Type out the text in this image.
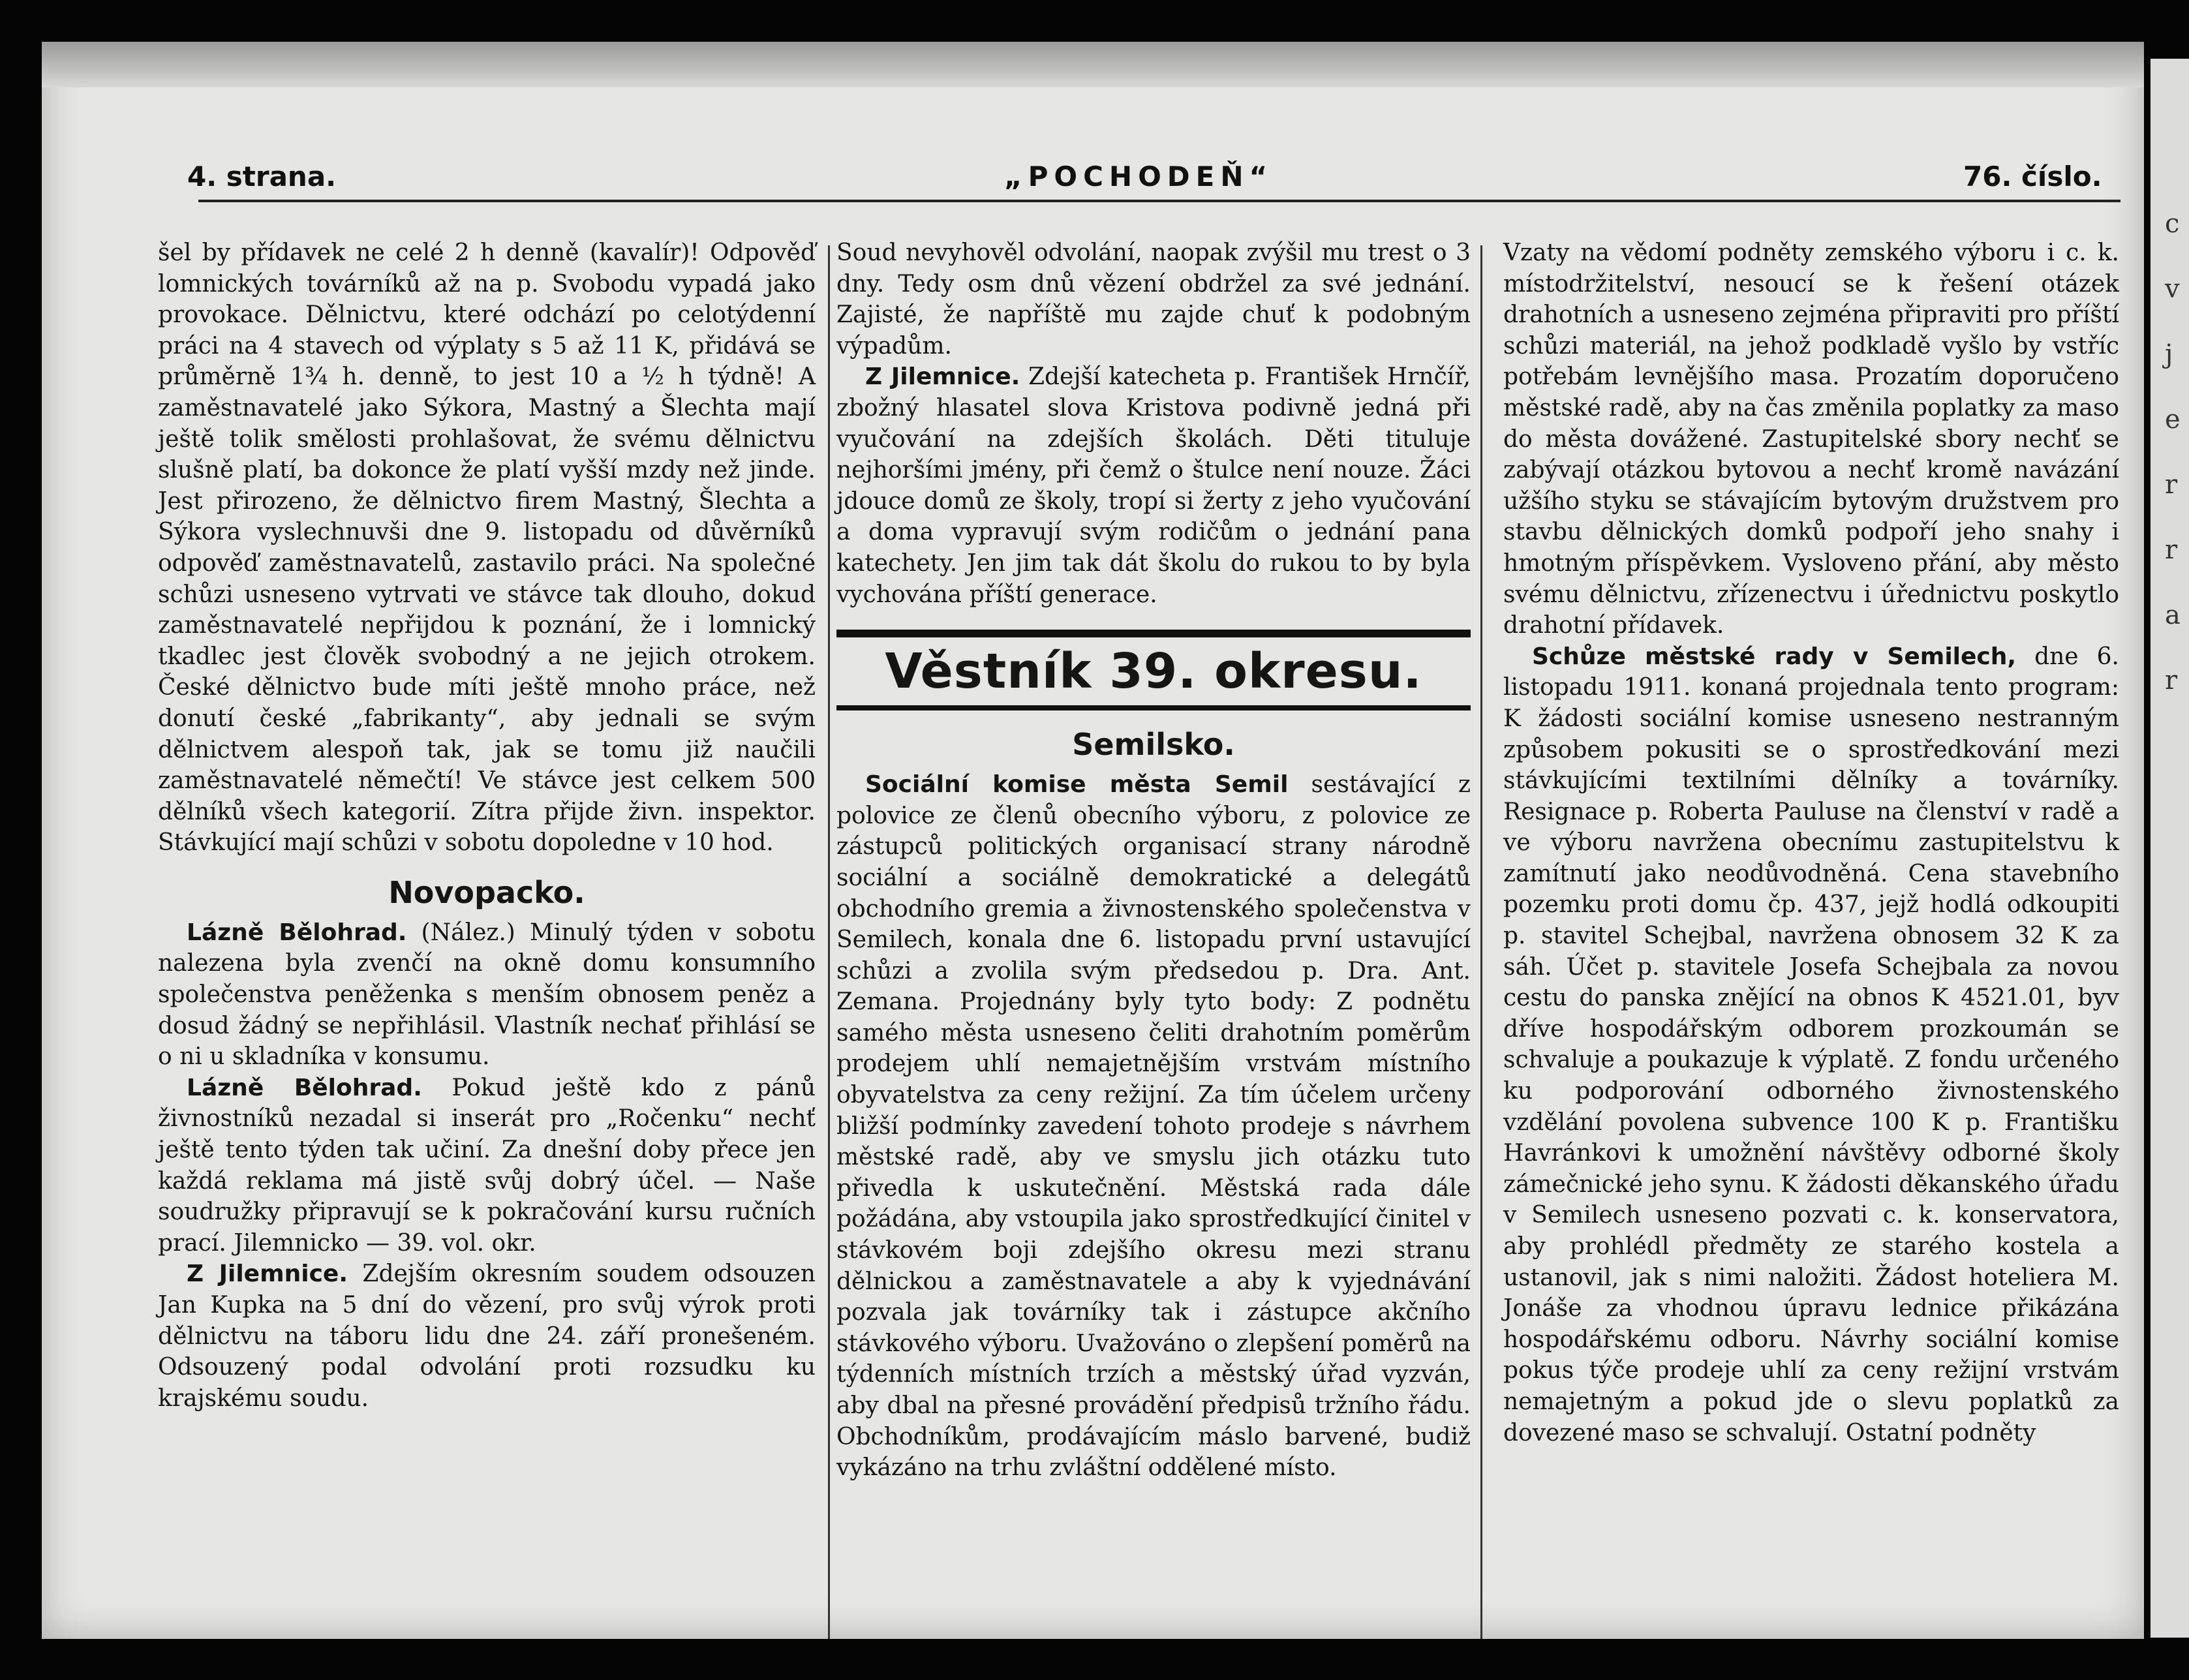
4. strana.	„POCHODEŇ“	76. číslo.

šel by přídavek ne celé 2 h denně (kavalír)! Odpověď lomnických továrníků až na p. Svobodu vypadá jako provokace. Dělnictvu, které odchází po celotýdenní práci na 4 stavech od výplaty s 5 až 11 K, přidává se průměrně 1¾ h. denně, to jest 10 a ½ h týdně! A zaměstnavatelé jako Sýkora, Mastný a Šlechta mají ještě tolik smělosti prohlašovat, že svému dělnictvu slušně platí, ba dokonce že platí vyšší mzdy než jinde. Jest přirozeno, že dělnictvo firem Mastný, Šlechta a Sýkora vyslechnuvši dne 9. listopadu od důvěrníků odpověď zaměstnavatelů, zastavilo práci. Na společné schůzi usneseno vytrvati ve stávce tak dlouho, dokud zaměstnavatelé nepřijdou k poznání, že i lomnický tkadlec jest člověk svobodný a ne jejich otrokem. České dělnictvo bude míti ještě mnoho práce, než donutí české „fabrikanty“, aby jednali se svým dělnictvem alespoň tak, jak se tomu již naučili zaměstnavatelé němečtí! Ve stávce jest celkem 500 dělníků všech kategorií. Zítra přijde živn. inspektor. Stávkující mají schůzi v sobotu dopoledne v 10 hod.

Novopacko.

Lázně Bělohrad. (Nález.) Minulý týden v sobotu nalezena byla zvenčí na okně domu konsumního společenstva peněženka s menším obnosem peněz a dosud žádný se nepřihlásil. Vlastník nechať přihlásí se o ni u skladníka v konsumu.

Lázně Bělohrad. Pokud ještě kdo z pánů živnostníků nezadal si inserát pro „Ročenku“ nechť ještě tento týden tak učiní. Za dnešní doby přece jen každá reklama má jistě svůj dobrý účel. — Naše soudružky připravují se k pokračování kursu ručních prací. Jilemnicko — 39. vol. okr.

Z Jilemnice. Zdejším okresním soudem odsouzen Jan Kupka na 5 dní do vězení, pro svůj výrok proti dělnictvu na táboru lidu dne 24. září pronešeném. Odsouzený podal odvolání proti rozsudku ku krajskému soudu.

Soud nevyhověl odvolání, naopak zvýšil mu trest o 3 dny. Tedy osm dnů vězení obdržel za své jednání. Zajisté, že napříště mu zajde chuť k podobným výpadům.

Z Jilemnice. Zdejší katecheta p. František Hrnčíř, zbožný hlasatel slova Kristova podivně jedná při vyučování na zdejších školách. Děti tituluje nejhoršími jmény, při čemž o štulce není nouze. Žáci jdouce domů ze školy, tropí si žerty z jeho vyučování a doma vypravují svým rodičům o jednání pana katechety. Jen jim tak dát školu do rukou to by byla vychována příští generace.

Věstník 39. okresu.
Semilsko.

Sociální komise města Semil sestávající z polovice ze členů obecního výboru, z polovice ze zástupců politických organisací strany národně sociální a sociálně demokratické a delegátů obchodního gremia a živnostenského společenstva v Semilech, konala dne 6. listopadu první ustavující schůzi a zvolila svým předsedou p. Dra. Ant. Zemana. Projednány byly tyto body: Z podnětu samého města usneseno čeliti drahotním poměrům prodejem uhlí nemajetnějším vrstvám místního obyvatelstva za ceny režijní. Za tím účelem určeny bližší podmínky zavedení tohoto prodeje s návrhem městské radě, aby ve smyslu jich otázku tuto přivedla k uskutečnění. Městská rada dále požádána, aby vstoupila jako sprostředkující činitel v stávkovém boji zdejšího okresu mezi stranu dělnickou a zaměstnavatele a aby k vyjednávání pozvala jak továrníky tak i zástupce akčního stávkového výboru. Uvažováno o zlepšení poměrů na týdenních místních trzích a městský úřad vyzván, aby dbal na přesné provádění předpisů tržního řádu. Obchodníkům, prodávajícím máslo barvené, budiž vykázáno na trhu zvláštní oddělené místo.

Vzaty na vědomí podněty zemského výboru i c. k. místodržitelství, nesoucí se k řešení otázek drahotních a usneseno zejména připraviti pro příští schůzi materiál, na jehož podkladě vyšlo by vstříc potřebám levnějšího masa. Prozatím doporučeno městské radě, aby na čas změnila poplatky za maso do města dovážené. Zastupitelské sbory nechť se zabývají otázkou bytovou a nechť kromě navázání užšího styku se stávajícím bytovým družstvem pro stavbu dělnických domků podpoří jeho snahy i hmotným příspěvkem. Vysloveno přání, aby město svému dělnictvu, zřízenectvu i úřednictvu poskytlo drahotní přídavek.

Schůze městské rady v Semilech, dne 6. listopadu 1911. konaná projednala tento program: K žádosti sociální komise usneseno nestranným způsobem pokusiti se o sprostředkování mezi stávkujícími textilními dělníky a továrníky. Resignace p. Roberta Pauluse na členství v radě a ve výboru navržena obecnímu zastupitelstvu k zamítnutí jako neodůvodněná. Cena stavebního pozemku proti domu čp. 437, jejž hodlá odkoupiti p. stavitel Schejbal, navržena obnosem 32 K za sáh. Účet p. stavitele Josefa Schejbala za novou cestu do panska znějící na obnos K 4521.01, byv dříve hospodářským odborem prozkoumán se schvaluje a poukazuje k výplatě. Z fondu určeného ku podporování odborného živnostenského vzdělání povolena subvence 100 K p. Františku Havránkovi k umožnění návštěvy odborné školy zámečnické jeho synu. K žádosti děkanského úřadu v Semilech usneseno pozvati c. k. konservatora, aby prohlédl předměty ze starého kostela a ustanovil, jak s nimi naložiti. Žádost hoteliera M. Jonáše za vhodnou úpravu lednice přikázána hospodářskému odboru. Návrhy sociální komise pokus týče prodeje uhlí za ceny režijní vrstvám nemajetným a pokud jde o slevu poplatků za dovezené maso se schvalují. Ostatní podněty

c
v
j
e
r
r
a
r
